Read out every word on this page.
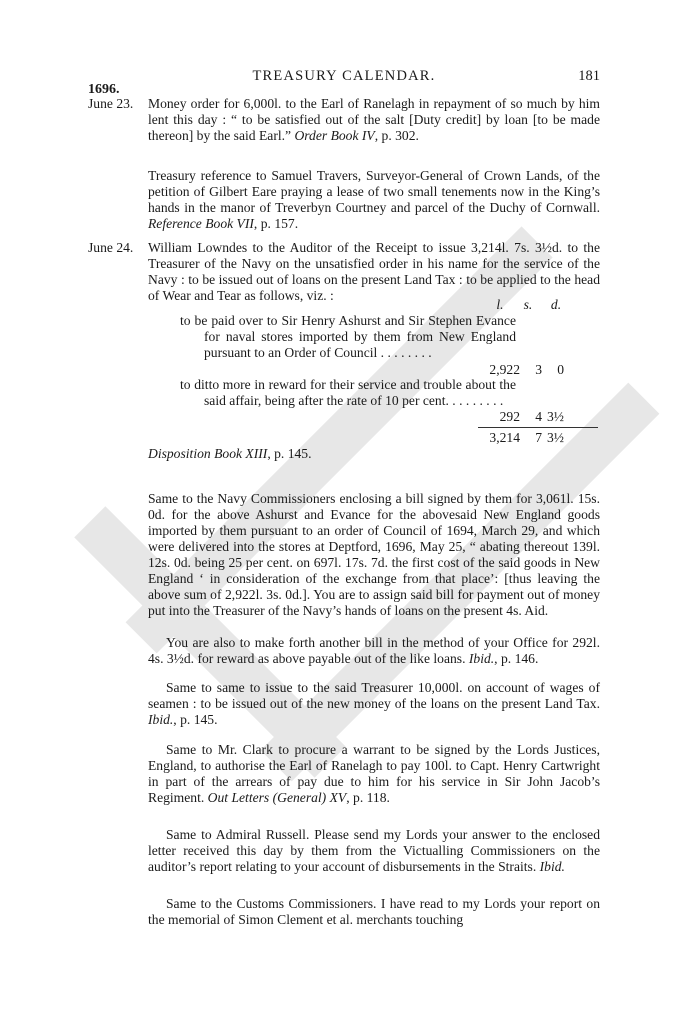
TREASURY CALENDAR.	181
1696.
June 23. Money order for 6,000l. to the Earl of Ranelagh in repayment of so much by him lent this day : “ to be satisfied out of the salt [Duty credit] by loan [to be made thereon] by the said Earl.” Order Book IV, p. 302.
Treasury reference to Samuel Travers, Surveyor-General of Crown Lands, of the petition of Gilbert Eare praying a lease of two small tenements now in the King’s hands in the manor of Treverbyn Courtney and parcel of the Duchy of Cornwall. Reference Book VII, p. 157.
June 24. William Lowndes to the Auditor of the Receipt to issue 3,214l. 7s. 3½d. to the Treasurer of the Navy on the unsatisfied order in his name for the service of the Navy : to be issued out of loans on the present Land Tax : to be applied to the head of Wear and Tear as follows, viz. :
l. s. d.
to be paid over to Sir Henry Ashurst and Sir Stephen Evance for naval stores imported by them from New England pursuant to an Order of Council . . . . . . . .
2,922 3 0
to ditto more in reward for their service and trouble about the said affair, being after the rate of 10 per cent. . . . . . . . .
292 4 3½
3,214 7 3½
Disposition Book XIII, p. 145.
Same to the Navy Commissioners enclosing a bill signed by them for 3,061l. 15s. 0d. for the above Ashurst and Evance for the abovesaid New England goods imported by them pursuant to an order of Council of 1694, March 29, and which were delivered into the stores at Deptford, 1696, May 25, “ abating thereout 139l. 12s. 0d. being 25 per cent. on 697l. 17s. 7d. the first cost of the said goods in New England ‘ in consideration of the exchange from that place’: [thus leaving the above sum of 2,922l. 3s. 0d.]. You are to assign said bill for payment out of money put into the Treasurer of the Navy’s hands of loans on the present 4s. Aid.
You are also to make forth another bill in the method of your Office for 292l. 4s. 3½d. for reward as above payable out of the like loans. Ibid., p. 146.
Same to same to issue to the said Treasurer 10,000l. on account of wages of seamen : to be issued out of the new money of the loans on the present Land Tax. Ibid., p. 145.
Same to Mr. Clark to procure a warrant to be signed by the Lords Justices, England, to authorise the Earl of Ranelagh to pay 100l. to Capt. Henry Cartwright in part of the arrears of pay due to him for his service in Sir John Jacob’s Regiment. Out Letters (General) XV, p. 118.
Same to Admiral Russell. Please send my Lords your answer to the enclosed letter received this day by them from the Victualling Commissioners on the auditor’s report relating to your account of disbursements in the Straits. Ibid.
Same to the Customs Commissioners. I have read to my Lords your report on the memorial of Simon Clement et al. merchants touching
